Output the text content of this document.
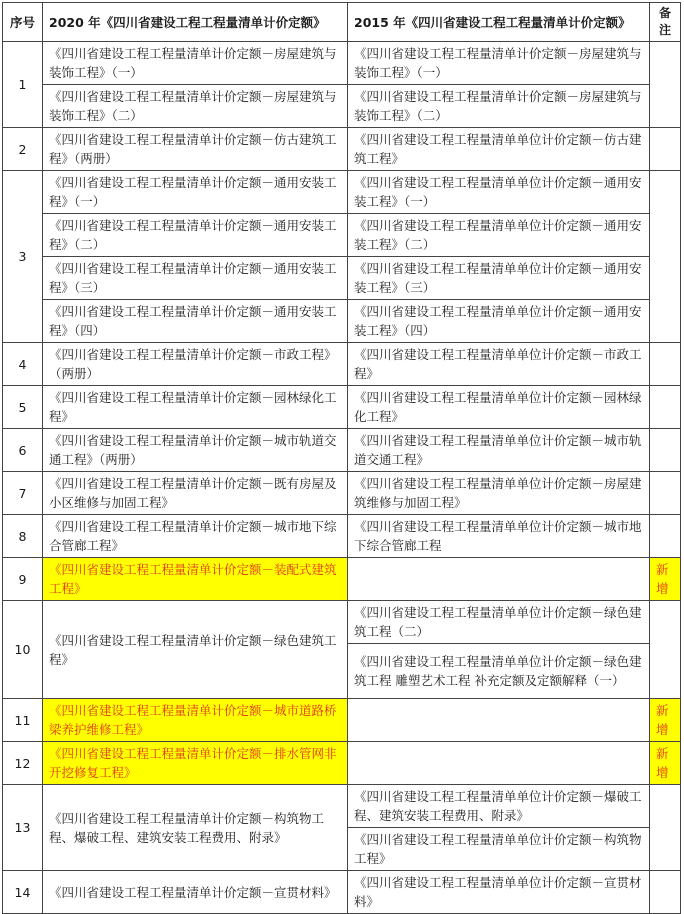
序号	2020 年《四川省建设工程工程量清单计价定额》	2015 年《四川省建设工程工程量清单计价定额》	备注
1	《四川省建设工程工程量清单计价定额－房屋建筑与装饰工程》（一）	《四川省建设工程工程量清单计价定额－房屋建筑与装饰工程》（一）	
	《四川省建设工程工程量清单计价定额－房屋建筑与装饰工程》（二）	《四川省建设工程工程量清单计价定额－房屋建筑与装饰工程》（二）	
2	《四川省建设工程工程量清单计价定额－仿古建筑工程》（两册）	《四川省建设工程工程量清单单位计价定额－仿古建筑工程》	
3	《四川省建设工程工程量清单计价定额－通用安装工程》（一）	《四川省建设工程工程量清单单位计价定额－通用安装工程》（一）	
	《四川省建设工程工程量清单计价定额－通用安装工程》（二）	《四川省建设工程工程量清单单位计价定额－通用安装工程》（二）	
	《四川省建设工程工程量清单计价定额－通用安装工程》（三）	《四川省建设工程工程量清单单位计价定额－通用安装工程》（三）	
	《四川省建设工程工程量清单计价定额－通用安装工程》（四）	《四川省建设工程工程量清单单位计价定额－通用安装工程》（四）	
4	《四川省建设工程工程量清单计价定额－市政工程》（两册）	《四川省建设工程工程量清单单位计价定额－市政工程》	
5	《四川省建设工程工程量清单计价定额－园林绿化工程》	《四川省建设工程工程量清单单位计价定额－园林绿化工程》	
6	《四川省建设工程工程量清单计价定额－城市轨道交通工程》（两册）	《四川省建设工程工程量清单单位计价定额－城市轨道交通工程》	
7	《四川省建设工程工程量清单计价定额－既有房屋及小区维修与加固工程》	《四川省建设工程工程量清单单位计价定额－房屋建筑维修与加固工程》	
8	《四川省建设工程工程量清单计价定额－城市地下综合管廊工程》	《四川省建设工程工程量清单单位计价定额－城市地下综合管廊工程	
9	《四川省建设工程工程量清单计价定额－装配式建筑工程》		新增
10	《四川省建设工程工程量清单计价定额－绿色建筑工程》	《四川省建设工程工程量清单单位计价定额－绿色建筑工程（二）	
		《四川省建设工程工程量清单单位计价定额－绿色建筑工程 雕塑艺术工程 补充定额及定额解释（一）	
11	《四川省建设工程工程量清单计价定额－城市道路桥梁养护维修工程》		新增
12	《四川省建设工程工程量清单计价定额－排水管网非开挖修复工程》		新增
13	《四川省建设工程工程量清单计价定额－构筑物工程、爆破工程、建筑安装工程费用、附录》	《四川省建设工程工程量清单单位计价定额－爆破工程、建筑安装工程费用、附录》	
		《四川省建设工程工程量清单单位计价定额－构筑物工程》	
14	《四川省建设工程工程量清单计价定额－宣贯材料》	《四川省建设工程工程量清单单位计价定额－宣贯材料》	
